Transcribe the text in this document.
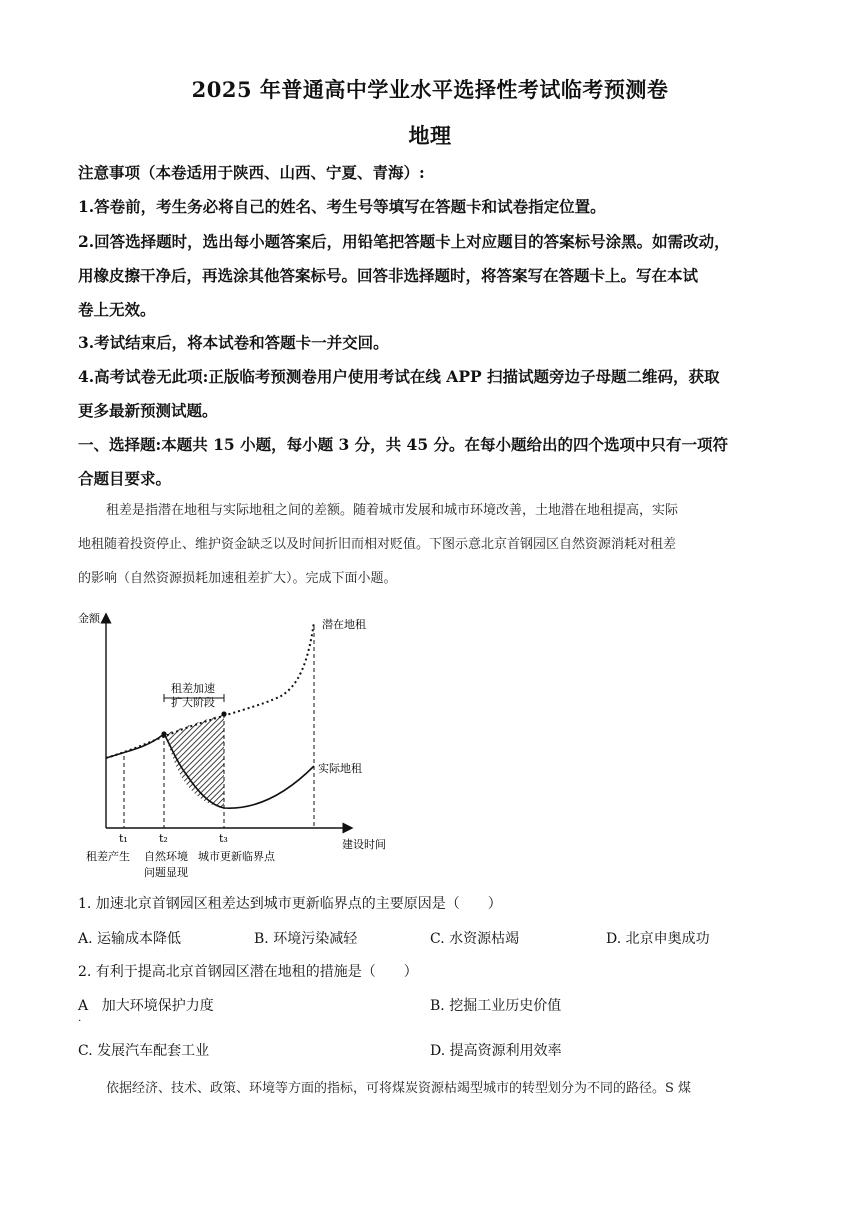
2025 年普通高中学业水平选择性考试临考预测卷
地理
注意事项（本卷适用于陕西、山西、宁夏、青海）:
1.答卷前，考生务必将自己的姓名、考生号等填写在答题卡和试卷指定位置。
2.回答选择题时，选出每小题答案后，用铅笔把答题卡上对应题目的答案标号涂黑。如需改动，
用橡皮擦干净后，再选涂其他答案标号。回答非选择题时，将答案写在答题卡上。写在本试
卷上无效。
3.考试结束后，将本试卷和答题卡一并交回。
4.高考试卷无此项:正版临考预测卷用户使用考试在线 APP 扫描试题旁边子母题二维码，获取
更多最新预测试题。
一、选择题:本题共 15 小题，每小题 3 分，共 45 分。在每小题给出的四个选项中只有一项符
合题目要求。
租差是指潜在地租与实际地租之间的差额。随着城市发展和城市环境改善，土地潜在地租提高，实际
地租随着投资停止、维护资金缺乏以及时间折旧而相对贬值。下图示意北京首钢园区自然资源消耗对租差
的影响（自然资源损耗加速租差扩大）。完成下面小题。
金额
建设时间
潜在地租
实际地租
租差加速
扩大阶段
t₁	t₂	t₃
租差产生 自然环境
问题显现
城市更新临界点
1. 加速北京首钢园区租差达到城市更新临界点的主要原因是（　　）
A. 运输成本降低	B. 环境污染减轻	C. 水资源枯竭	D. 北京申奥成功
2. 有利于提高北京首钢园区潜在地租的措施是（　　）
$A_\cdot$ 加大环境保护力度	B. 挖掘工业历史价值
C. 发展汽车配套工业	D. 提高资源利用效率
依据经济、技术、政策、环境等方面的指标，可将煤炭资源枯竭型城市的转型划分为不同的路径。S 煤
